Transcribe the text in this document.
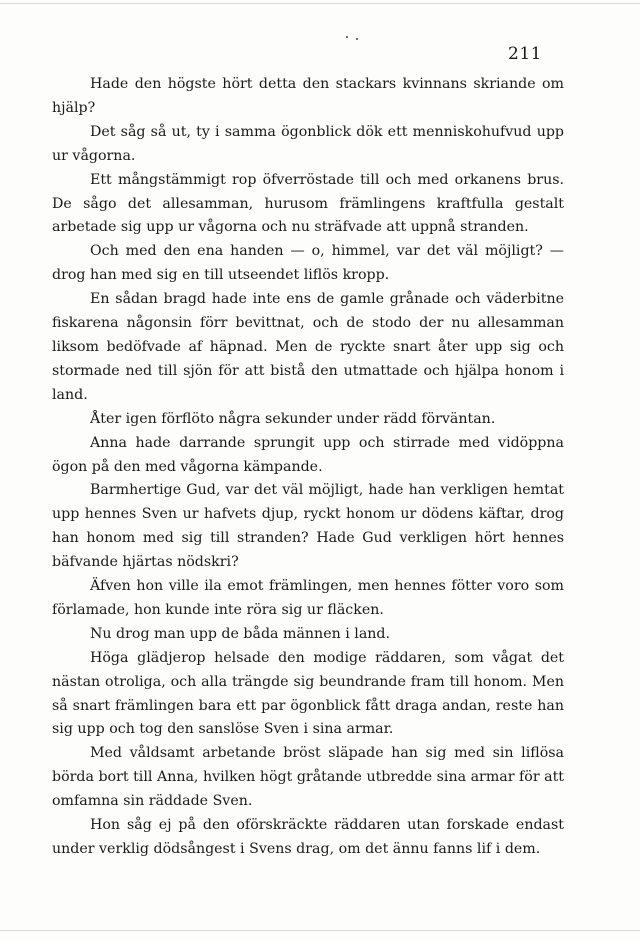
211

Hade den högste hört detta den stackars kvinnans skriande om hjälp?

Det såg så ut, ty i samma ögonblick dök ett menniskohufvud upp ur vågorna.

Ett mångstämmigt rop öfverröstade till och med orkanens brus. De sågo det allesamman, hurusom främlingens kraftfulla gestalt arbetade sig upp ur vågorna och nu sträfvade att uppnå stranden.

Och med den ena handen — o, himmel, var det väl möjligt? — drog han med sig en till utseendet liflös kropp.

En sådan bragd hade inte ens de gamle grånade och väderbitne fiskarena någonsin förr bevittnat, och de stodo der nu allesamman liksom bedöfvade af häpnad. Men de ryckte snart åter upp sig och stormade ned till sjön för att bistå den utmattade och hjälpa honom i land.

Åter igen förflöto några sekunder under rädd förväntan.

Anna hade darrande sprungit upp och stirrade med vidöppna ögon på den med vågorna kämpande.

Barmhertige Gud, var det väl möjligt, hade han verkligen hemtat upp hennes Sven ur hafvets djup, ryckt honom ur dödens käftar, drog han honom med sig till stranden? Hade Gud verkligen hört hennes bäfvande hjärtas nödskri?

Äfven hon ville ila emot främlingen, men hennes fötter voro som förlamade, hon kunde inte röra sig ur fläcken.

Nu drog man upp de båda männen i land.

Höga glädjerop helsade den modige räddaren, som vågat det nästan otroliga, och alla trängde sig beundrande fram till honom. Men så snart främlingen bara ett par ögonblick fått draga andan, reste han sig upp och tog den sanslöse Sven i sina armar.

Med våldsamt arbetande bröst släpade han sig med sin liflösa börda bort till Anna, hvilken högt gråtande utbredde sina armar för att omfamna sin räddade Sven.

Hon såg ej på den oförskräckte räddaren utan forskade endast under verklig dödsångest i Svens drag, om det ännu fanns lif i dem.
